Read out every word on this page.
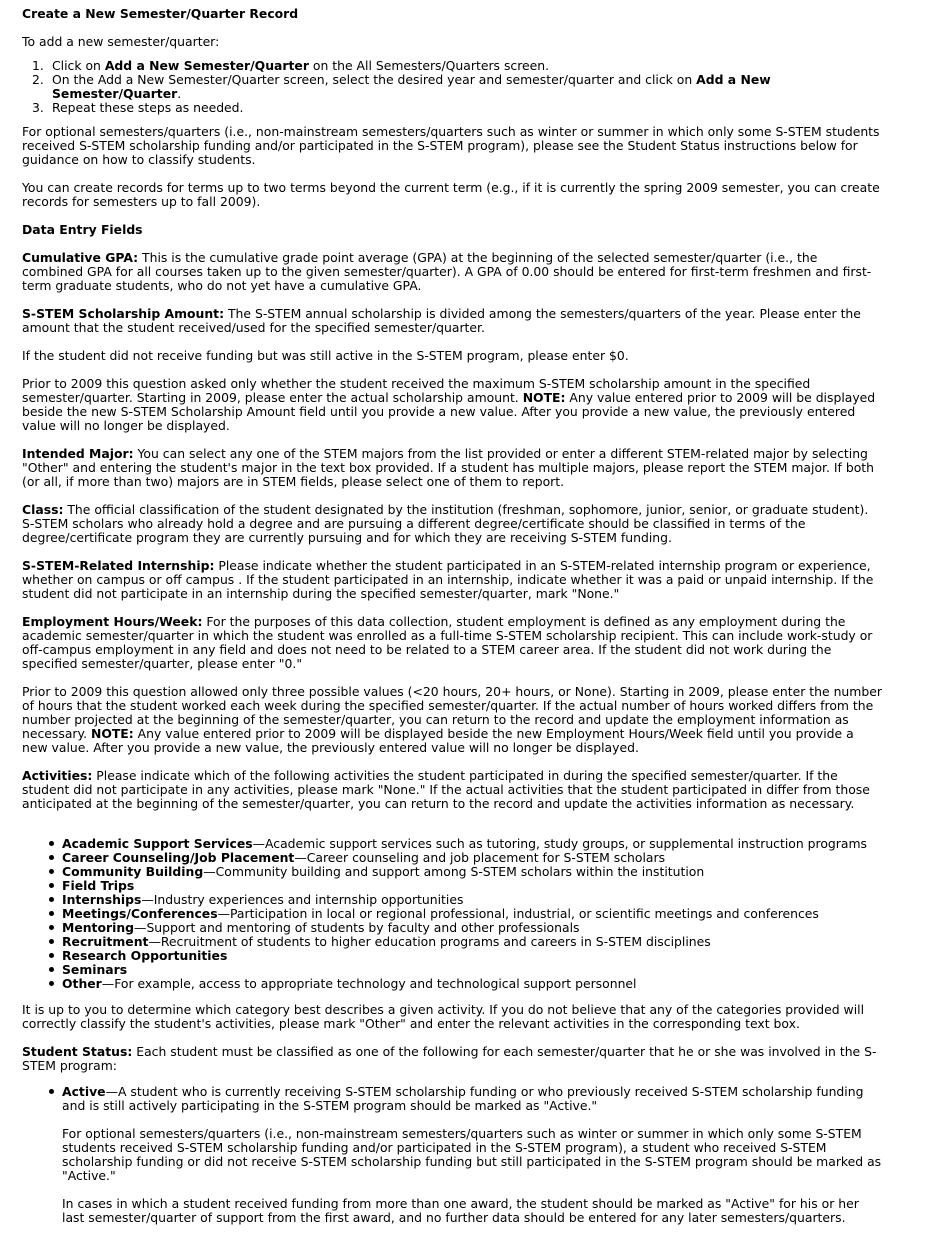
Create a New Semester/Quarter Record

To add a new semester/quarter:

1. Click on Add a New Semester/Quarter on the All Semesters/Quarters screen.

2. On the Add a New Semester/Quarter screen, select the desired year and semester/quarter and click on Add a New Semester/Quarter.

3. Repeat these steps as needed.

For optional semesters/quarters (i.e., non-mainstream semesters/quarters such as winter or summer in which only some S-STEM students received S-STEM scholarship funding and/or participated in the S-STEM program), please see the Student Status instructions below for guidance on how to classify students.

You can create records for terms up to two terms beyond the current term (e.g., if it is currently the spring 2009 semester, you can create records for semesters up to fall 2009).

Data Entry Fields

Cumulative GPA: This is the cumulative grade point average (GPA) at the beginning of the selected semester/quarter (i.e., the combined GPA for all courses taken up to the given semester/quarter). A GPA of 0.00 should be entered for first-term freshmen and first-term graduate students, who do not yet have a cumulative GPA.

S-STEM Scholarship Amount: The S-STEM annual scholarship is divided among the semesters/quarters of the year. Please enter the amount that the student received/used for the specified semester/quarter.

If the student did not receive funding but was still active in the S-STEM program, please enter $0.

Prior to 2009 this question asked only whether the student received the maximum S-STEM scholarship amount in the specified semester/quarter. Starting in 2009, please enter the actual scholarship amount. NOTE: Any value entered prior to 2009 will be displayed beside the new S-STEM Scholarship Amount field until you provide a new value. After you provide a new value, the previously entered value will no longer be displayed.

Intended Major: You can select any one of the STEM majors from the list provided or enter a different STEM-related major by selecting "Other" and entering the student's major in the text box provided. If a student has multiple majors, please report the STEM major. If both (or all, if more than two) majors are in STEM fields, please select one of them to report.

Class: The official classification of the student designated by the institution (freshman, sophomore, junior, senior, or graduate student). S-STEM scholars who already hold a degree and are pursuing a different degree/certificate should be classified in terms of the degree/certificate program they are currently pursuing and for which they are receiving S-STEM funding.

S-STEM-Related Internship: Please indicate whether the student participated in an S-STEM-related internship program or experience, whether on campus or off campus . If the student participated in an internship, indicate whether it was a paid or unpaid internship. If the student did not participate in an internship during the specified semester/quarter, mark "None."

Employment Hours/Week: For the purposes of this data collection, student employment is defined as any employment during the academic semester/quarter in which the student was enrolled as a full-time S-STEM scholarship recipient. This can include work-study or off-campus employment in any field and does not need to be related to a STEM career area. If the student did not work during the specified semester/quarter, please enter "0."

Prior to 2009 this question allowed only three possible values (<20 hours, 20+ hours, or None). Starting in 2009, please enter the number of hours that the student worked each week during the specified semester/quarter. If the actual number of hours worked differs from the number projected at the beginning of the semester/quarter, you can return to the record and update the employment information as necessary. NOTE: Any value entered prior to 2009 will be displayed beside the new Employment Hours/Week field until you provide a new value. After you provide a new value, the previously entered value will no longer be displayed.

Activities: Please indicate which of the following activities the student participated in during the specified semester/quarter. If the student did not participate in any activities, please mark "None." If the actual activities that the student participated in differ from those anticipated at the beginning of the semester/quarter, you can return to the record and update the activities information as necessary.

Academic Support Services—Academic support services such as tutoring, study groups, or supplemental instruction programs

Career Counseling/Job Placement—Career counseling and job placement for S-STEM scholars

Community Building—Community building and support among S-STEM scholars within the institution

Field Trips

Internships—Industry experiences and internship opportunities

Meetings/Conferences—Participation in local or regional professional, industrial, or scientific meetings and conferences

Mentoring—Support and mentoring of students by faculty and other professionals

Recruitment—Recruitment of students to higher education programs and careers in S-STEM disciplines

Research Opportunities

Seminars

Other—For example, access to appropriate technology and technological support personnel

It is up to you to determine which category best describes a given activity. If you do not believe that any of the categories provided will correctly classify the student's activities, please mark "Other" and enter the relevant activities in the corresponding text box.

Student Status: Each student must be classified as one of the following for each semester/quarter that he or she was involved in the S-STEM program:

Active—A student who is currently receiving S-STEM scholarship funding or who previously received S-STEM scholarship funding and is still actively participating in the S-STEM program should be marked as "Active."

For optional semesters/quarters (i.e., non-mainstream semesters/quarters such as winter or summer in which only some S-STEM students received S-STEM scholarship funding and/or participated in the S-STEM program), a student who received S-STEM scholarship funding or did not receive S-STEM scholarship funding but still participated in the S-STEM program should be marked as "Active."

In cases in which a student received funding from more than one award, the student should be marked as "Active" for his or her last semester/quarter of support from the first award, and no further data should be entered for any later semesters/quarters.
